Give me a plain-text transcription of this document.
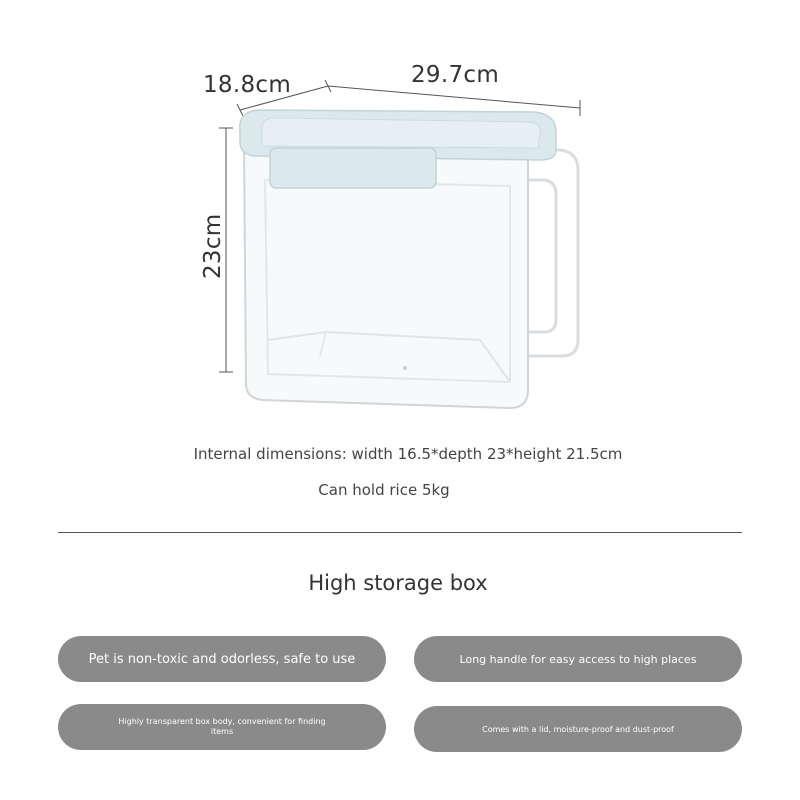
18.8cm	29.7cm
23cm
Internal dimensions: width 16.5*depth 23*height 21.5cm
Can hold rice 5kg
High storage box
Pet is non-toxic and odorless, safe to use	Long handle for easy access to high places
Highly transparent box body, convenient for finding items	Comes with a lid, moisture-proof and dust-proof
